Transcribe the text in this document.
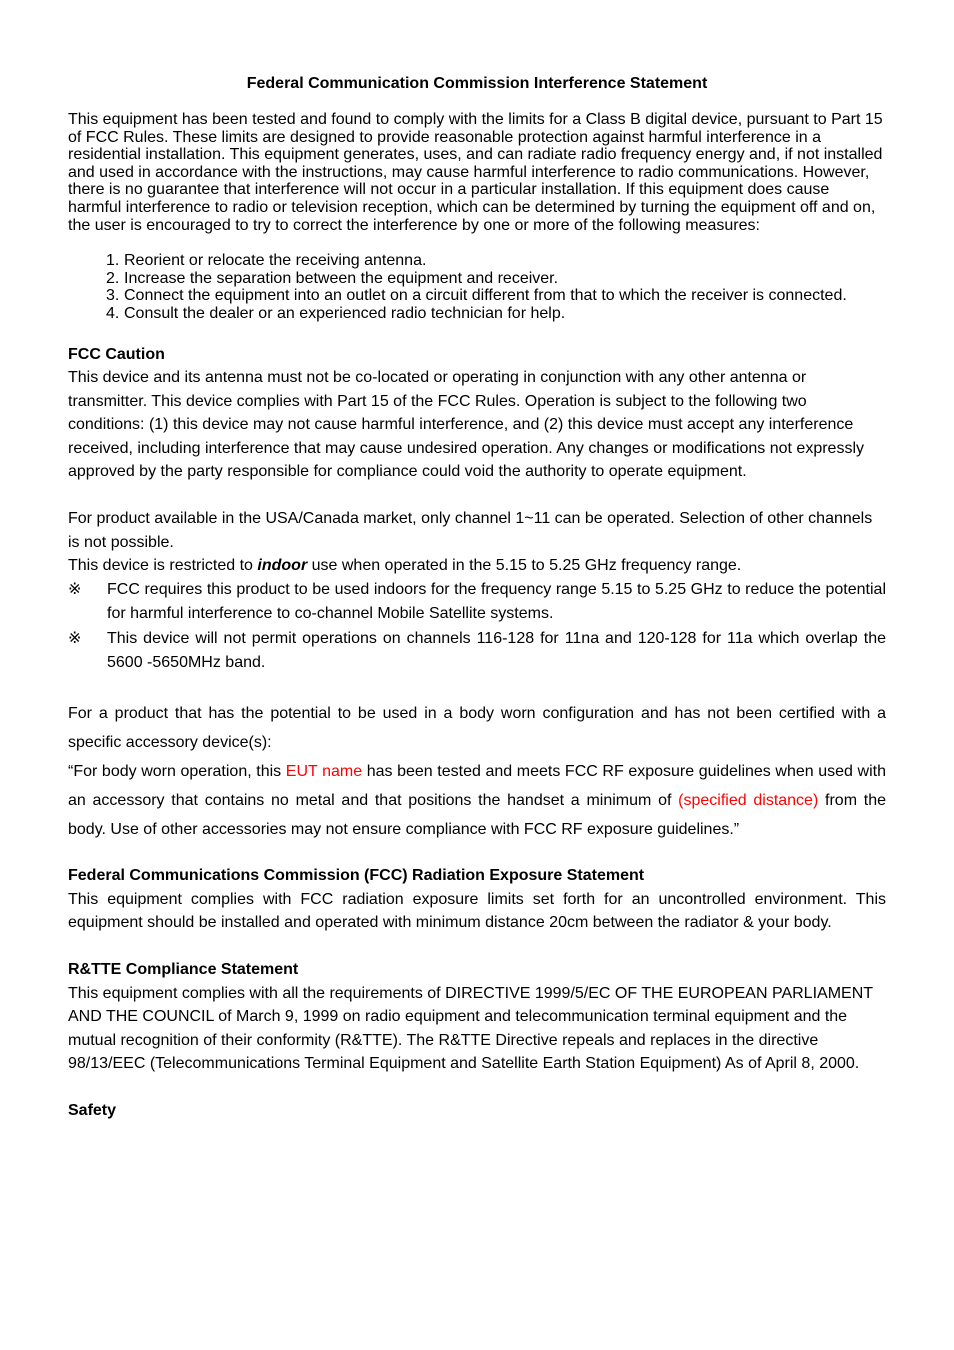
Federal Communication Commission Interference Statement

This equipment has been tested and found to comply with the limits for a Class B digital device, pursuant to Part 15 of FCC Rules. These limits are designed to provide reasonable protection against harmful interference in a residential installation. This equipment generates, uses, and can radiate radio frequency energy and, if not installed and used in accordance with the instructions, may cause harmful interference to radio communications. However, there is no guarantee that interference will not occur in a particular installation. If this equipment does cause harmful interference to radio or television reception, which can be determined by turning the equipment off and on, the user is encouraged to try to correct the interference by one or more of the following measures:

1. Reorient or relocate the receiving antenna.
2. Increase the separation between the equipment and receiver.
3. Connect the equipment into an outlet on a circuit different from that to which the receiver is connected.
4. Consult the dealer or an experienced radio technician for help.
FCC Caution

This device and its antenna must not be co-located or operating in conjunction with any other antenna or transmitter. This device complies with Part 15 of the FCC Rules. Operation is subject to the following two conditions: (1) this device may not cause harmful interference, and (2) this device must accept any interference received, including interference that may cause undesired operation. Any changes or modifications not expressly approved by the party responsible for compliance could void the authority to operate equipment.

For product available in the USA/Canada market, only channel 1~11 can be operated. Selection of other channels is not possible.

This device is restricted to indoor use when operated in the 5.15 to 5.25 GHz frequency range.

※	FCC requires this product to be used indoors for the frequency range 5.15 to 5.25 GHz to reduce the potential for harmful interference to co-channel Mobile Satellite systems.
※	This device will not permit operations on channels 116-128 for 11na and 120-128 for 11a which overlap the 5600 -5650MHz band.

For a product that has the potential to be used in a body worn configuration and has not been certified with a specific accessory device(s):

“For body worn operation, this EUT name has been tested and meets FCC RF exposure guidelines when used with an accessory that contains no metal and that positions the handset a minimum of (specified distance) from the body. Use of other accessories may not ensure compliance with FCC RF exposure guidelines.”

Federal Communications Commission (FCC) Radiation Exposure Statement

This equipment complies with FCC radiation exposure limits set forth for an uncontrolled environment. This equipment should be installed and operated with minimum distance 20cm between the radiator & your body.

R&TTE Compliance Statement

This equipment complies with all the requirements of DIRECTIVE 1999/5/EC OF THE EUROPEAN PARLIAMENT AND THE COUNCIL of March 9, 1999 on radio equipment and telecommunication terminal equipment and the mutual recognition of their conformity (R&TTE). The R&TTE Directive repeals and replaces in the directive 98/13/EEC (Telecommunications Terminal Equipment and Satellite Earth Station Equipment) As of April 8, 2000.

Safety
